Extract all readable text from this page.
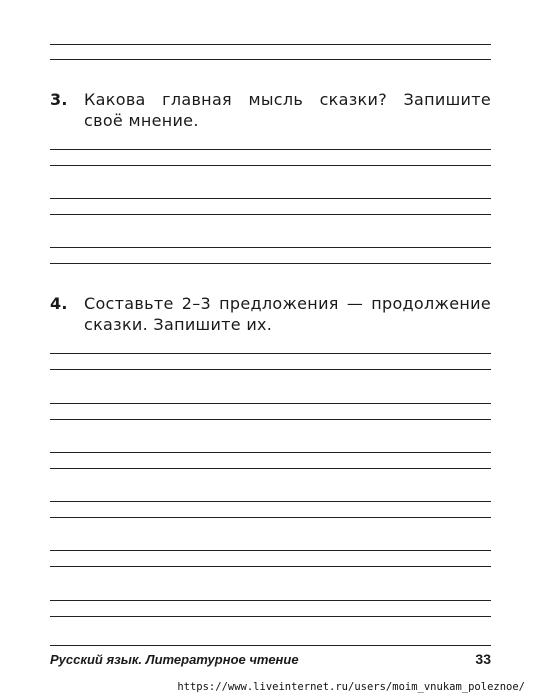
3. Какова главная мысль сказки? Запишите своё мнение.
4. Составьте 2–3 предложения — продолжение сказки. Запишите их.
Русский язык. Литературное чтение	33
https://www.liveinternet.ru/users/moim_vnukam_poleznoe/
